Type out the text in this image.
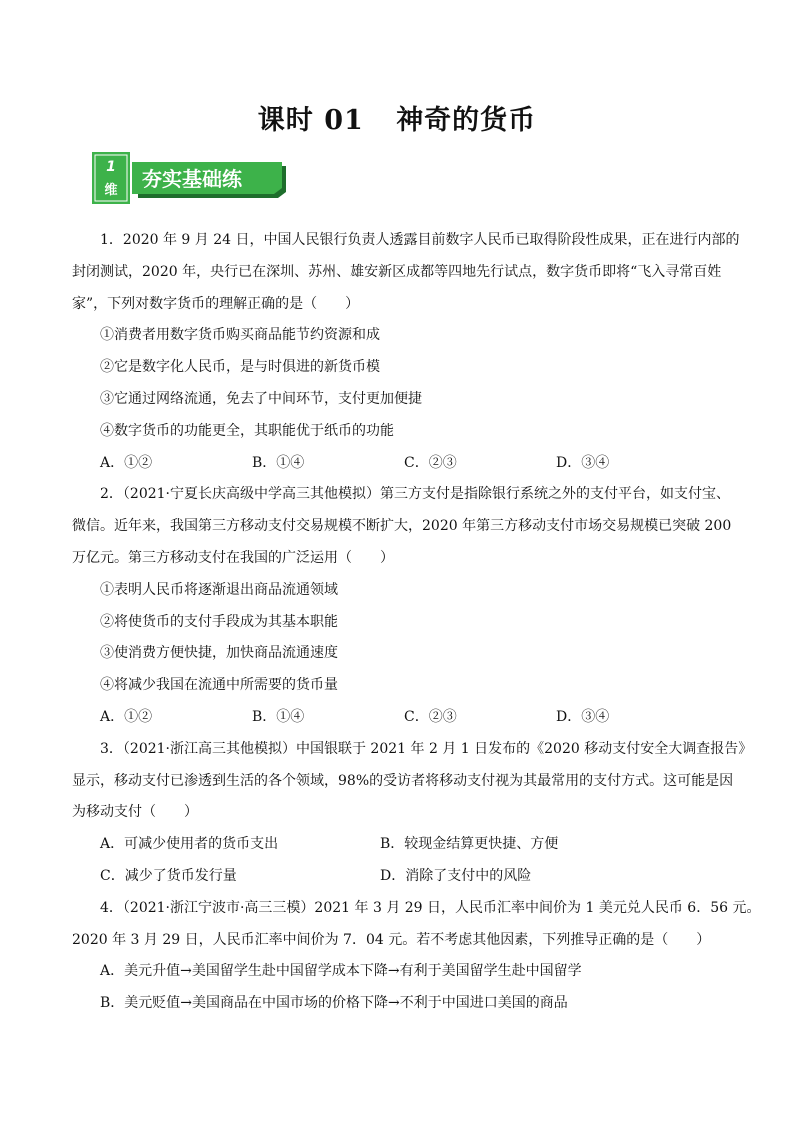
课时 01 神奇的货币
1
维 夯实基础练
1．2020 年 9 月 24 日，中国人民银行负责人透露目前数字人民币已取得阶段性成果，正在进行内部的
封闭测试，2020 年，央行已在深圳、苏州、雄安新区成都等四地先行试点，数字货币即将“飞入寻常百姓
家”，下列对数字货币的理解正确的是（　　）
①消费者用数字货币购买商品能节约资源和成
②它是数字化人民币，是与时俱进的新货币模
③它通过网络流通，免去了中间环节，支付更加便捷
④数字货币的功能更全，其职能优于纸币的功能
A．①②	B．①④	C．②③	D．③④
2．（2021·宁夏长庆高级中学高三其他模拟）第三方支付是指除银行系统之外的支付平台，如支付宝、
微信。近年来，我国第三方移动支付交易规模不断扩大，2020 年第三方移动支付市场交易规模已突破 200
万亿元。第三方移动支付在我国的广泛运用（　　）
①表明人民币将逐渐退出商品流通领域
②将使货币的支付手段成为其基本职能
③使消费方便快捷，加快商品流通速度
④将减少我国在流通中所需要的货币量
A．①②	B．①④	C．②③	D．③④
3．（2021·浙江高三其他模拟）中国银联于 2021 年 2 月 1 日发布的《2020 移动支付安全大调查报告》
显示，移动支付已渗透到生活的各个领域，98%的受访者将移动支付视为其最常用的支付方式。这可能是因
为移动支付（　　）
A．可减少使用者的货币支出	B．较现金结算更快捷、方便
C．减少了货币发行量	D．消除了支付中的风险
4．（2021·浙江宁波市·高三三模）2021 年 3 月 29 日，人民币汇率中间价为 1 美元兑人民币 6．56 元。
2020 年 3 月 29 日，人民币汇率中间价为 7．04 元。若不考虑其他因素，下列推导正确的是（　　）
A．美元升值→美国留学生赴中国留学成本下降→有利于美国留学生赴中国留学
B．美元贬值→美国商品在中国市场的价格下降→不利于中国进口美国的商品
